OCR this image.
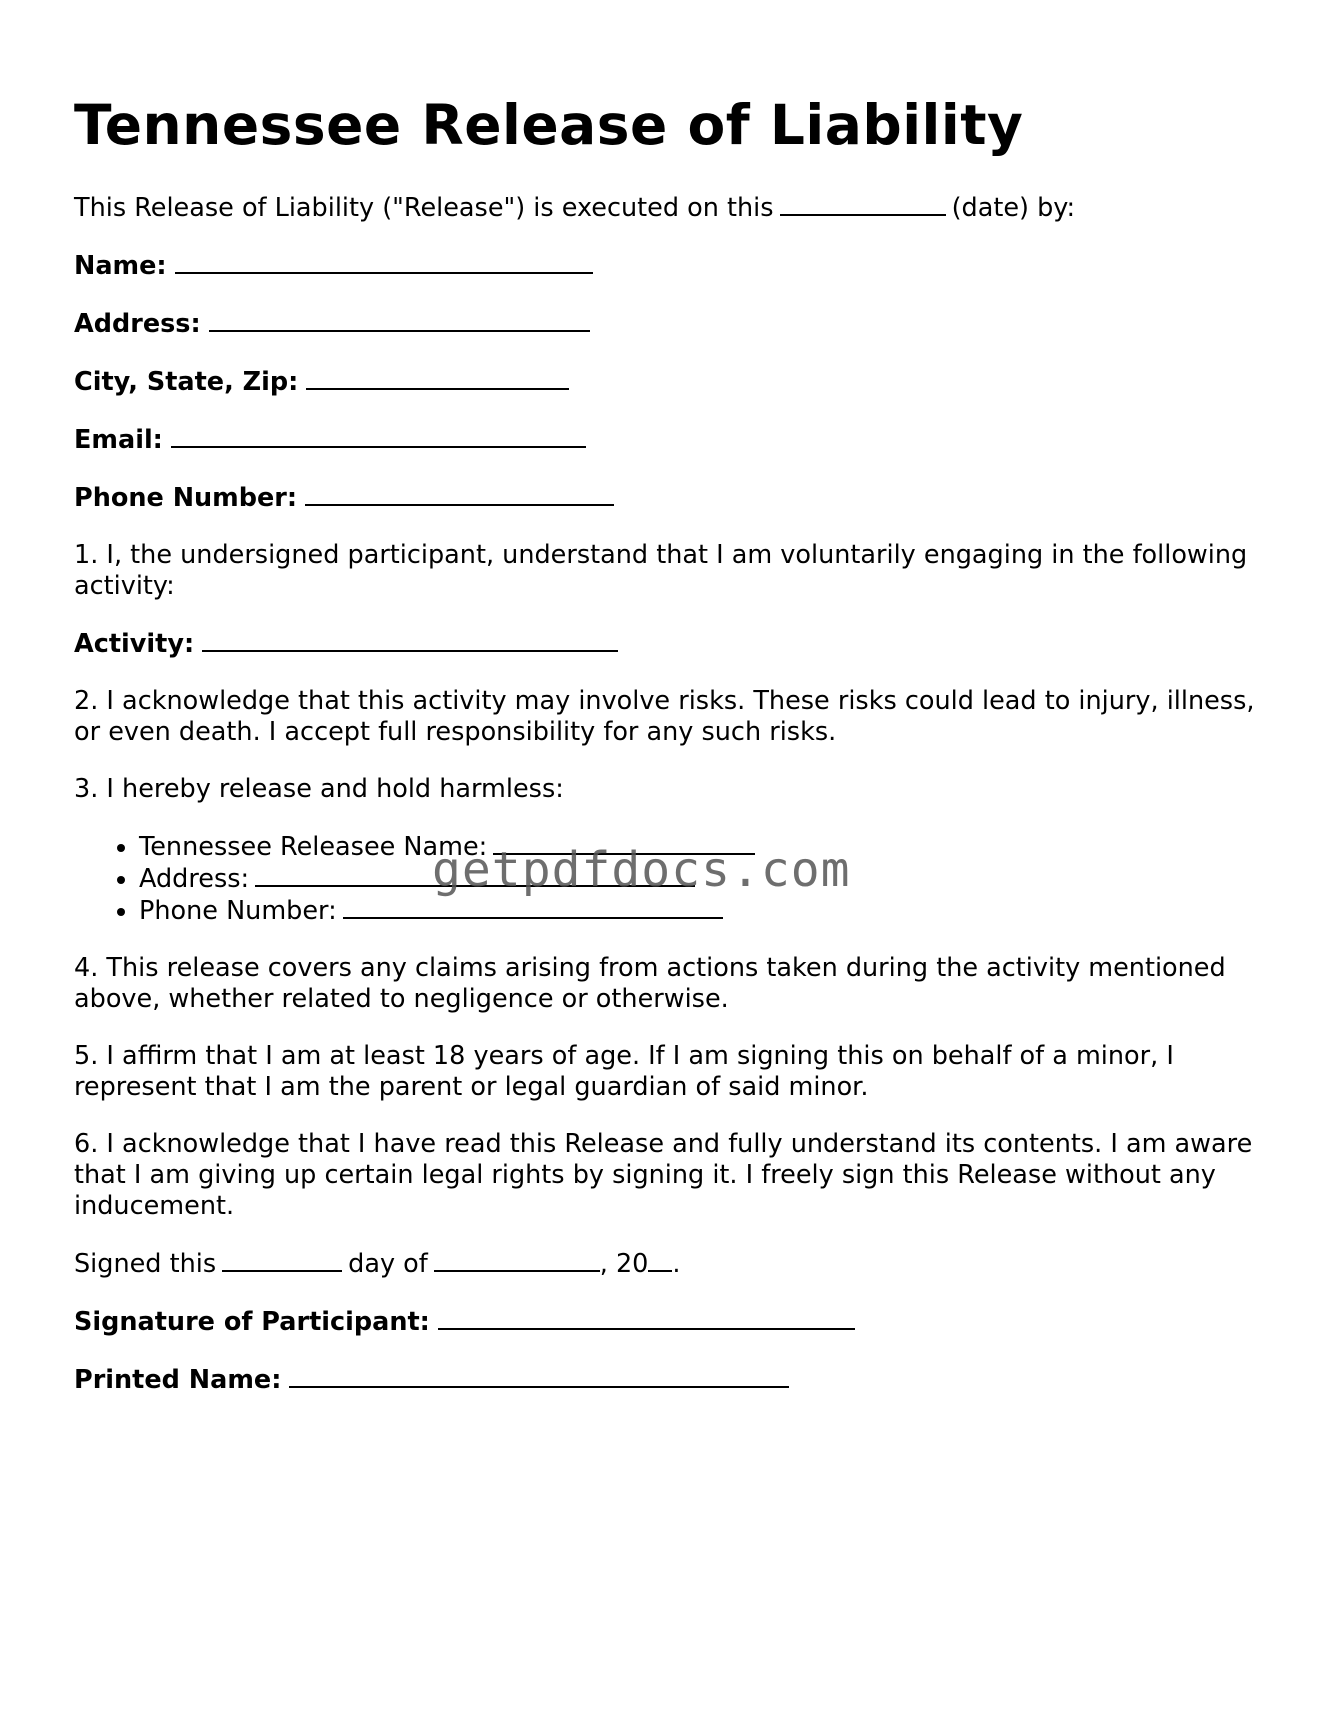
Tennessee Release of Liability
This Release of Liability ("Release") is executed on this	(date) by:
Name:
Address:
City, State, Zip:
Email:
Phone Number:
1. I, the undersigned participant, understand that I am voluntarily engaging in the following activity:
Activity:
2. I acknowledge that this activity may involve risks. These risks could lead to injury, illness, or even death. I accept full responsibility for any such risks.
3. I hereby release and hold harmless:
• Tennessee Releasee Name:
• Address:
• Phone Number:
4. This release covers any claims arising from actions taken during the activity mentioned above, whether related to negligence or otherwise.
5. I affirm that I am at least 18 years of age. If I am signing this on behalf of a minor, I represent that I am the parent or legal guardian of said minor.
6. I acknowledge that I have read this Release and fully understand its contents. I am aware that I am giving up certain legal rights by signing it. I freely sign this Release without any inducement.
Signed this	day of	, 20 .
Signature of Participant:
Printed Name:
getpdfdocs.com
